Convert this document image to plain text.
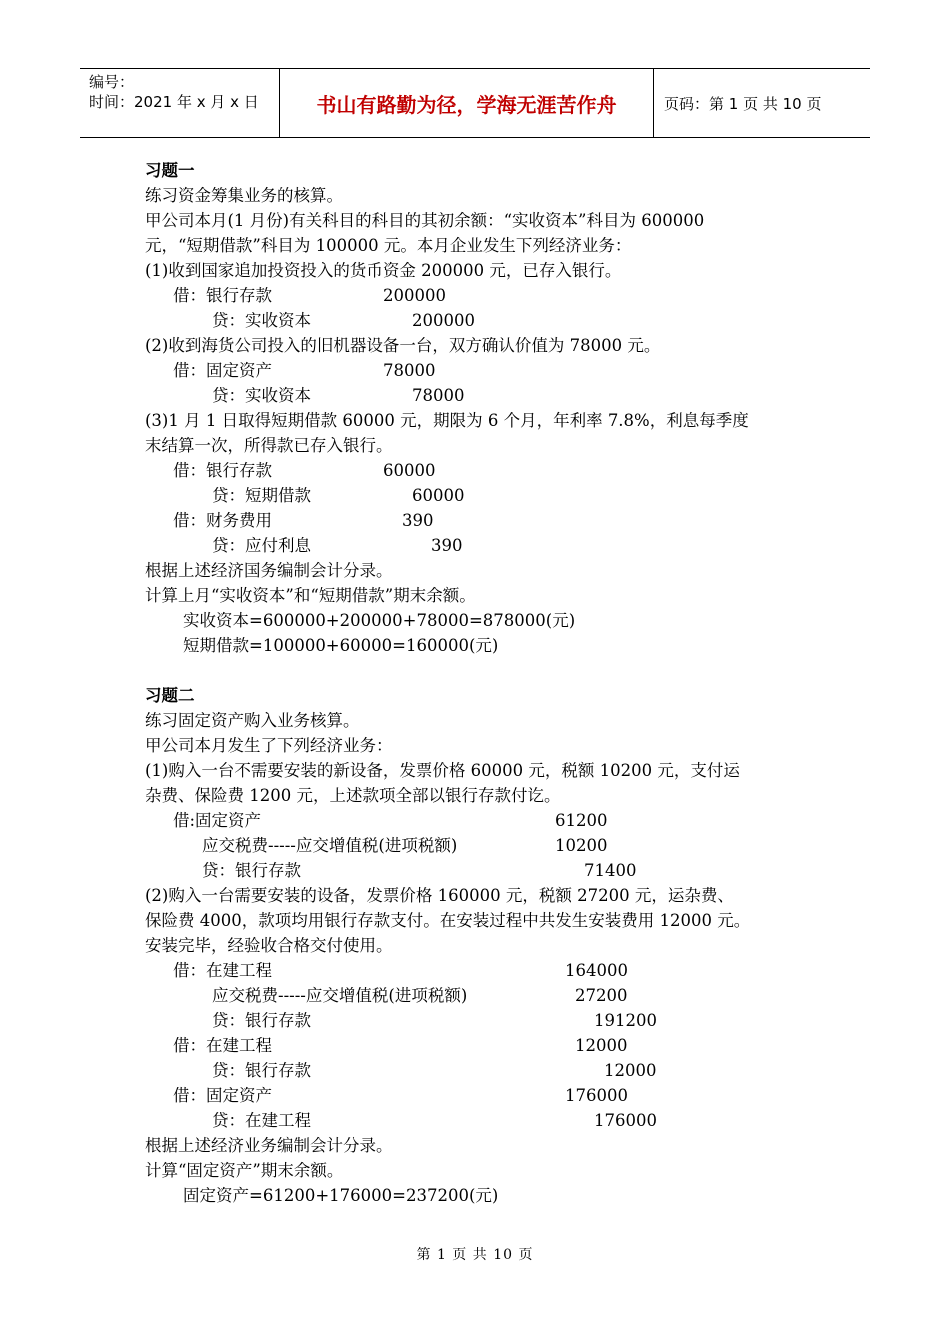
编号：
时间：2021 年 x 月 x 日	书山有路勤为径，学海无涯苦作舟	页码：第 1 页 共 10 页
习题一
练习资金筹集业务的核算。
甲公司本月(1 月份)有关科目的科目的其初余额：“实收资本”科目为 600000
元，“短期借款”科目为 100000 元。本月企业发生下列经济业务：
(1)收到国家追加投资投入的货币资金 200000 元，已存入银行。
借：银行存款	200000
贷：实收资本	200000
(2)收到海货公司投入的旧机器设备一台，双方确认价值为 78000 元。
借：固定资产	78000
贷：实收资本	78000
(3)1 月 1 日取得短期借款 60000 元，期限为 6 个月，年利率 7.8%，利息每季度
末结算一次，所得款已存入银行。
借：银行存款	60000
贷：短期借款	60000
借：财务费用	390
贷：应付利息	390
根据上述经济国务编制会计分录。
计算上月“实收资本”和“短期借款”期末余额。
实收资本=600000+200000+78000=878000(元)
短期借款=100000+60000=160000(元)
习题二
练习固定资产购入业务核算。
甲公司本月发生了下列经济业务：
(1)购入一台不需要安装的新设备，发票价格 60000 元，税额 10200 元，支付运
杂费、保险费 1200 元，上述款项全部以银行存款付讫。
借:固定资产	61200
应交税费-----应交增值税(进项税额)	10200
贷：银行存款	71400
(2)购入一台需要安装的设备，发票价格 160000 元，税额 27200 元，运杂费、
保险费 4000，款项均用银行存款支付。在安装过程中共发生安装费用 12000 元。
安装完毕，经验收合格交付使用。
借：在建工程	164000
应交税费-----应交增值税(进项税额)	27200
贷：银行存款	191200
借：在建工程	12000
贷：银行存款	12000
借：固定资产	176000
贷：在建工程	176000
根据上述经济业务编制会计分录。
计算“固定资产”期末余额。
固定资产=61200+176000=237200(元)
第 1 页 共 10 页
